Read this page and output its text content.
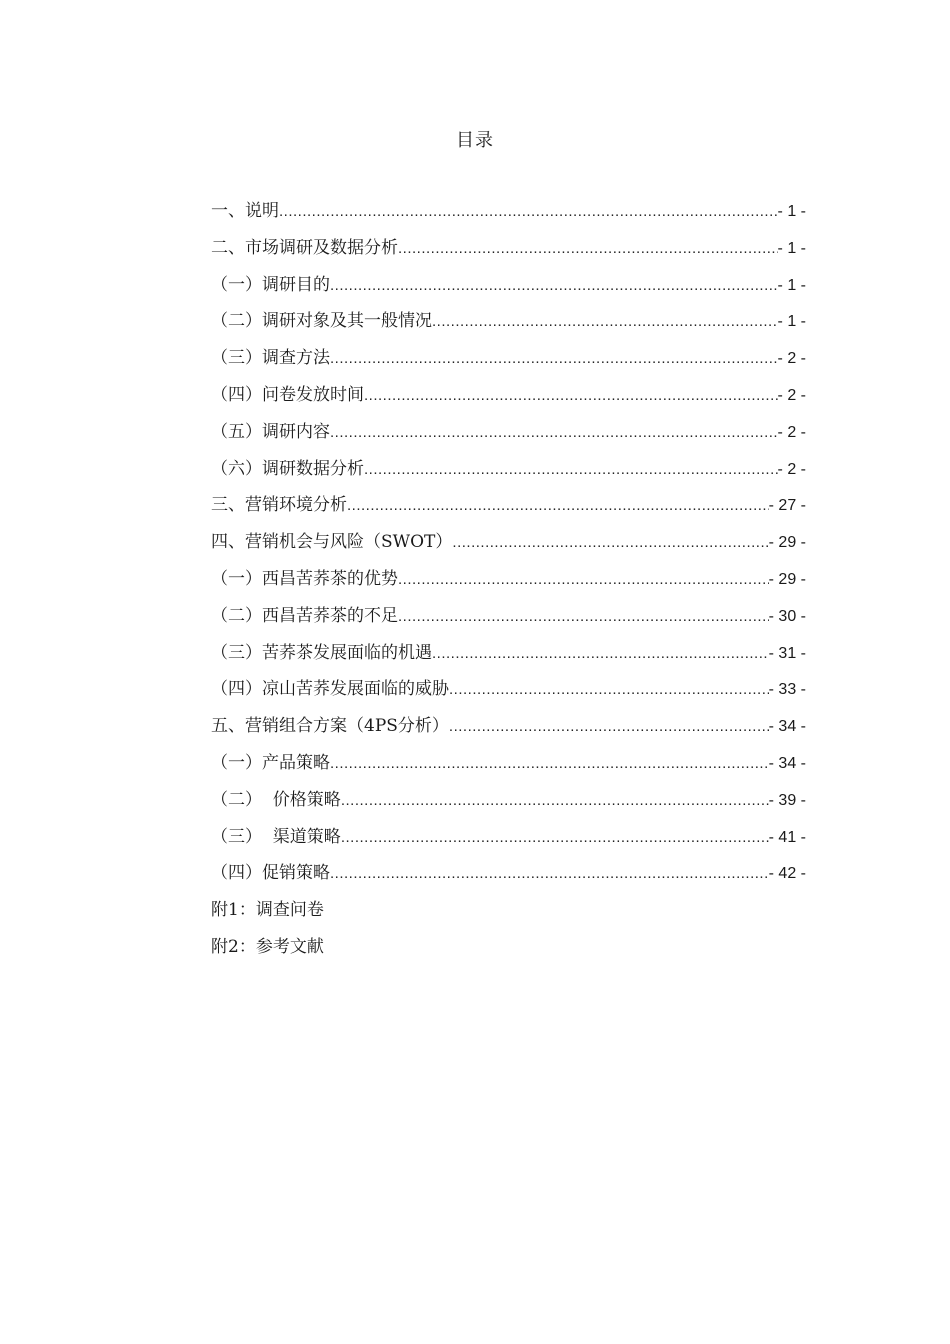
目录
一、说明 .....	- 1 -
二、市场调研及数据分析 .....	- 1 -
（一）调研目的 .....	- 1 -
（二）调研对象及其一般情况 .....	- 1 -
（三）调查方法 .....	- 2 -
（四）问卷发放时间 .....	- 2 -
（五）调研内容 .....	- 2 -
（六）调研数据分析 .....	- 2 -
三、营销环境分析 .....	- 27 -
四、营销机会与风险（SWOT） .....	- 29 -
（一）西昌苦荞茶的优势 .....	- 29 -
（二）西昌苦荞茶的不足 .....	- 30 -
（三）苦荞茶发展面临的机遇 .....	- 31 -
（四）凉山苦荞发展面临的威胁 .....	- 33 -
五、营销组合方案（4PS分析） .....	- 34 -
（一）产品策略 .....	- 34 -
（二）  价格策略 .....	- 39 -
（三）  渠道策略 .....	- 41 -
（四）促销策略 .....	- 42 -
附1：调查问卷
附2：参考文献
